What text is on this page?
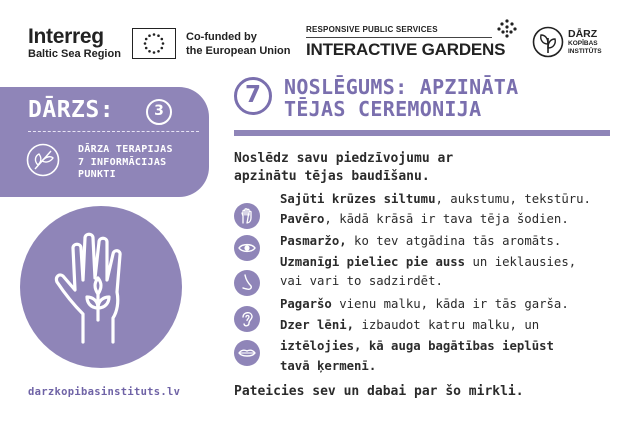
Interreg
Baltic Sea Region
Co-funded by
the European Union
RESPONSIVE PUBLIC SERVICES
INTERACTIVE GARDENS
DĀRZ
KOPĪBAS
INSTITŪTS
DĀRZS:	3
DĀRZA TERAPIJAS
7 INFORMĀCIJAS
PUNKTI
darzkopibasinstituts.lv
7	NOSLĒGUMS: APZINĀTA
TĒJAS CEREMONIJA
Noslēdz savu piedzīvojumu ar
apzinātu tējas baudīšanu.
Sajūti krūzes siltumu, aukstumu, tekstūru.
Pavēro, kādā krāsā ir tava tēja šodien.
Pasmaržo, ko tev atgādina tās aromāts.
Uzmanīgi pieliec pie auss un ieklausies,
vai vari to sadzirdēt.
Pagaršo vienu malku, kāda ir tās garša.
Dzer lēni, izbaudot katru malku, un
iztēlojies, kā auga bagātības ieplūst
tavā ķermenī.
Pateicies sev un dabai par šo mirkli.
